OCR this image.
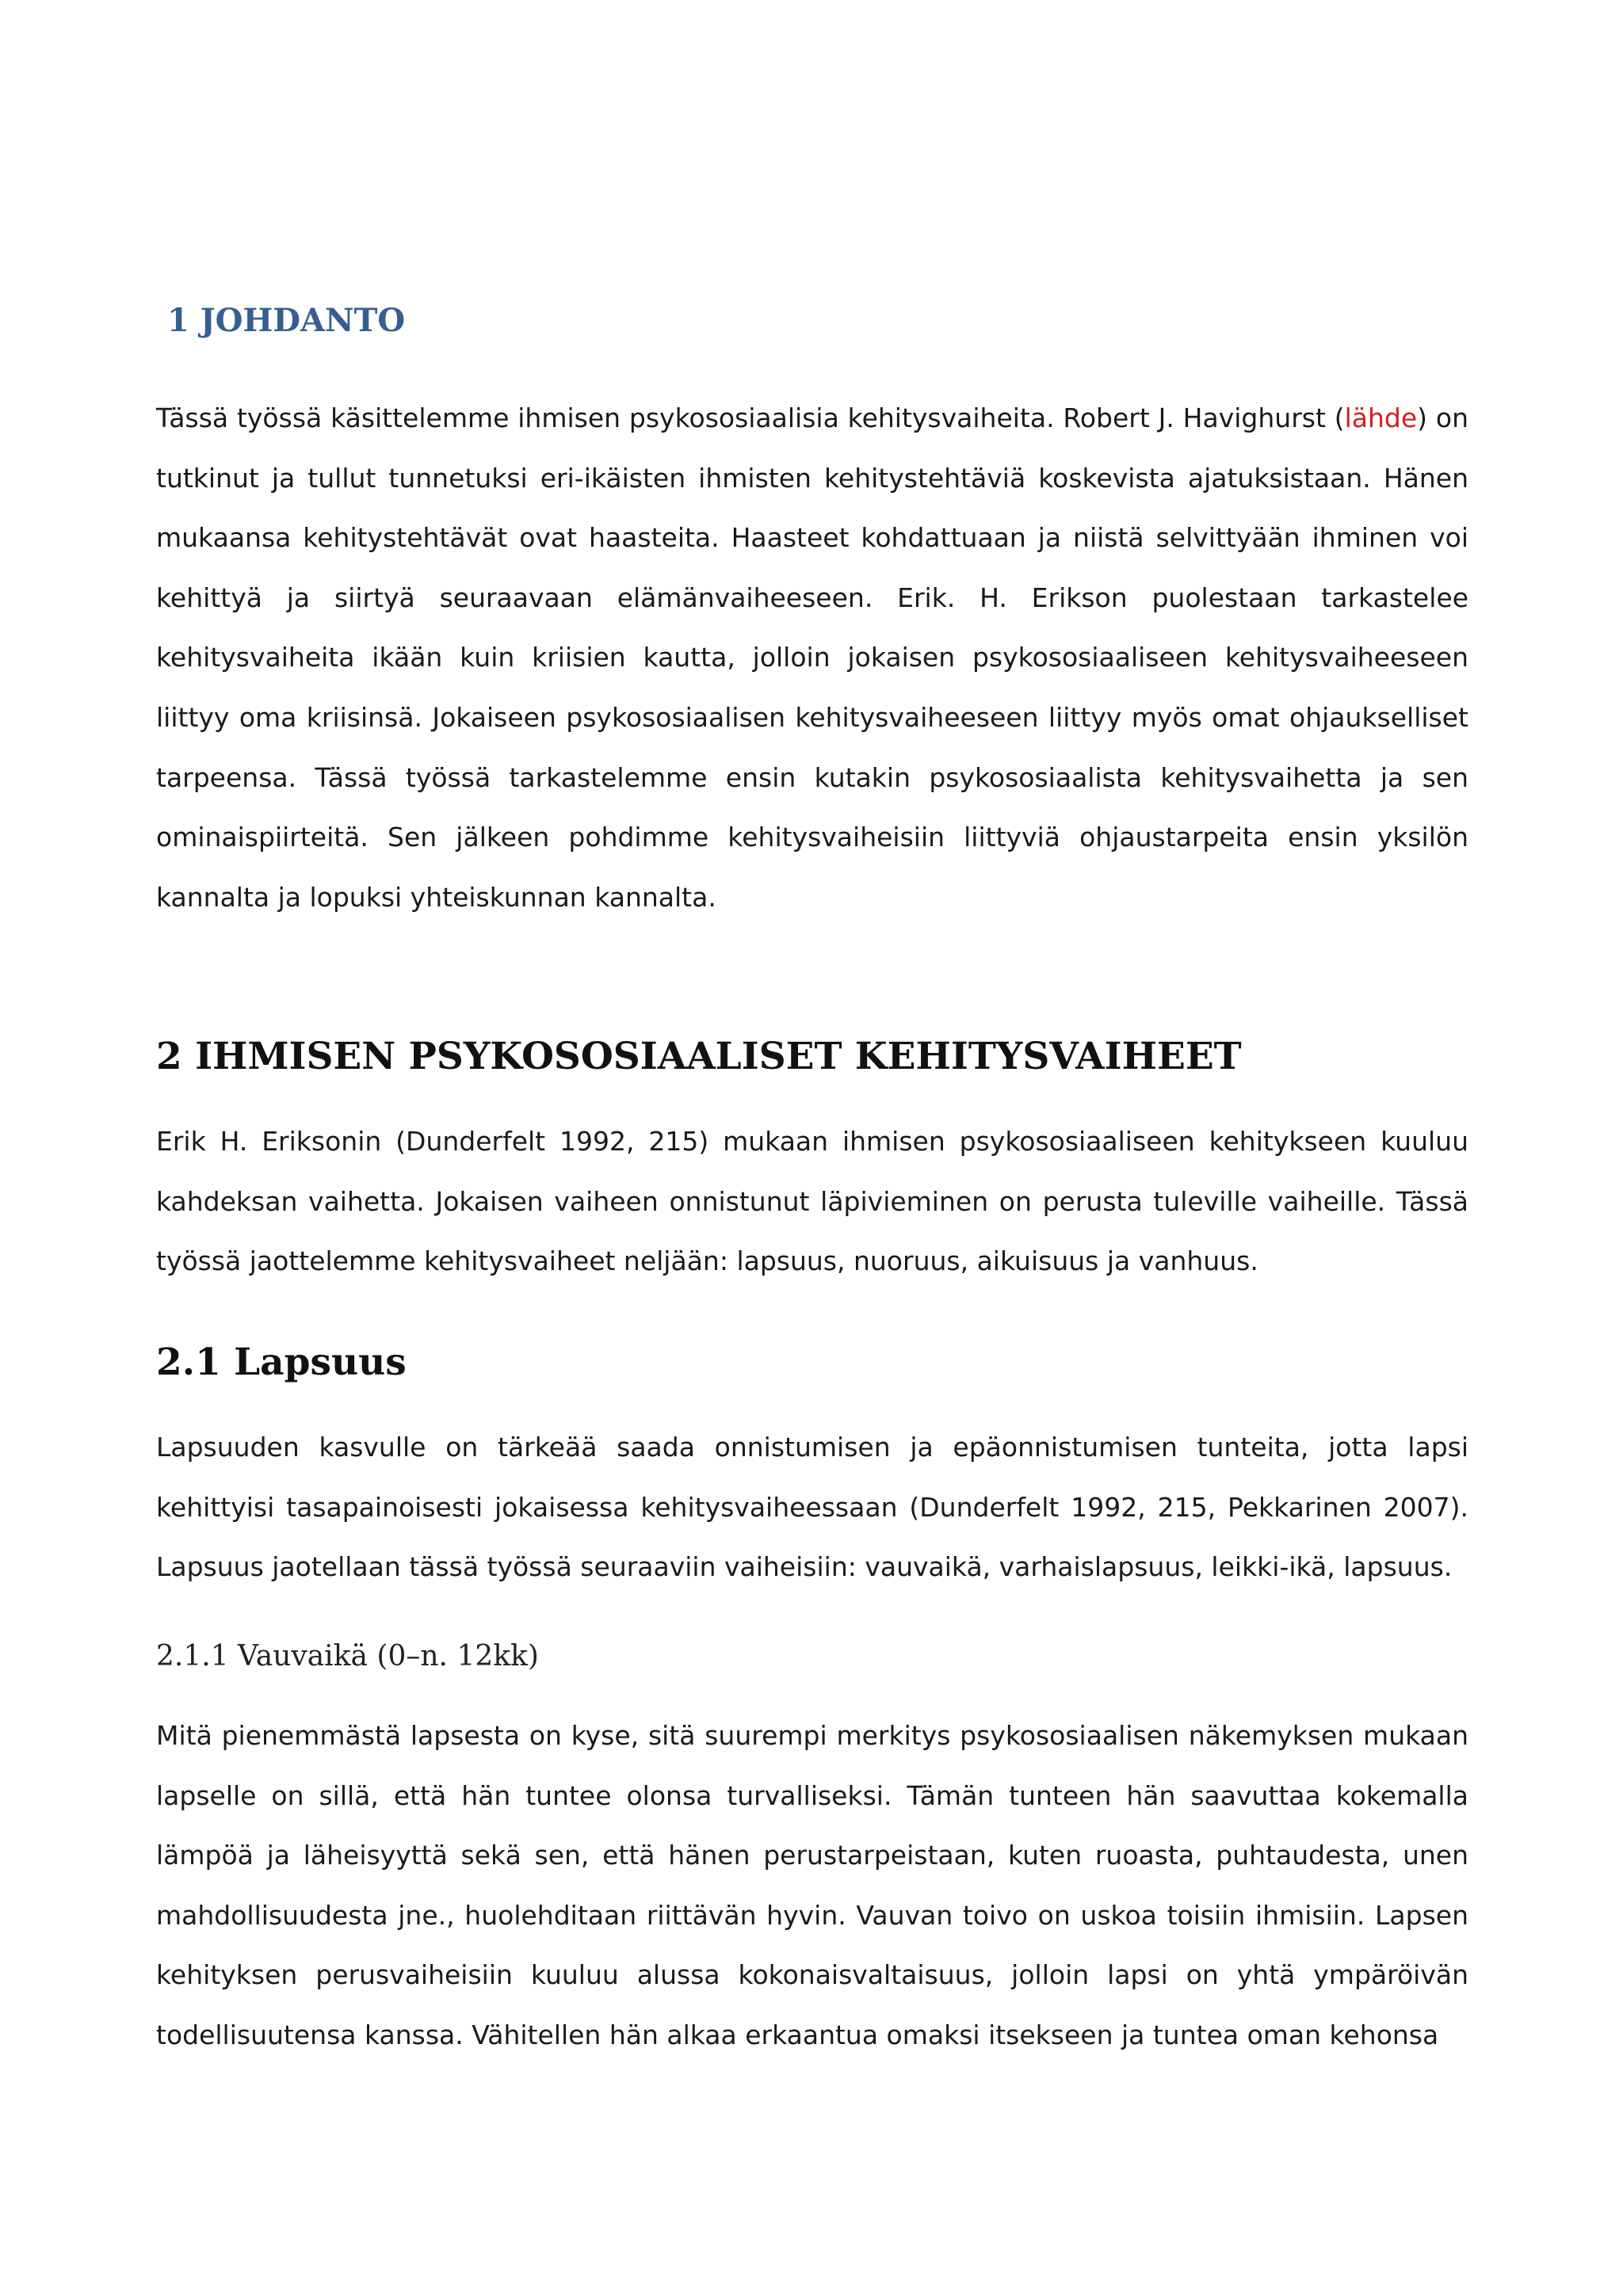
1 JOHDANTO

Tässä työssä käsittelemme ihmisen psykososiaalisia kehitysvaiheita. Robert J. Havighurst (lähde) on tutkinut ja tullut tunnetuksi eri-ikäisten ihmisten kehitystehtäviä koskevista ajatuksistaan. Hänen mukaansa kehitystehtävät ovat haasteita. Haasteet kohdattuaan ja niistä selvittyään ihminen voi kehittyä ja siirtyä seuraavaan elämänvaiheeseen. Erik. H. Erikson puolestaan tarkastelee kehitysvaiheita ikään kuin kriisien kautta, jolloin jokaisen psykososiaaliseen kehitysvaiheeseen liittyy oma kriisinsä. Jokaiseen psykososiaalisen kehitysvaiheeseen liittyy myös omat ohjaukselliset tarpeensa. Tässä työssä tarkastelemme ensin kutakin psykososiaalista kehitysvaihetta ja sen ominaispiirteitä. Sen jälkeen pohdimme kehitysvaiheisiin liittyviä ohjaustarpeita ensin yksilön kannalta ja lopuksi yhteiskunnan kannalta.

2 IHMISEN PSYKOSOSIAALISET KEHITYSVAIHEET

Erik H. Eriksonin (Dunderfelt 1992, 215) mukaan ihmisen psykososiaaliseen kehitykseen kuuluu kahdeksan vaihetta. Jokaisen vaiheen onnistunut läpivieminen on perusta tuleville vaiheille. Tässä työssä jaottelemme kehitysvaiheet neljään: lapsuus, nuoruus, aikuisuus ja vanhuus.

2.1 Lapsuus

Lapsuuden kasvulle on tärkeää saada onnistumisen ja epäonnistumisen tunteita, jotta lapsi kehittyisi tasapainoisesti jokaisessa kehitysvaiheessaan (Dunderfelt 1992, 215, Pekkarinen 2007). Lapsuus jaotellaan tässä työssä seuraaviin vaiheisiin: vauvaikä, varhaislapsuus, leikki-ikä, lapsuus.

2.1.1 Vauvaikä (0–n. 12kk)

Mitä pienemmästä lapsesta on kyse, sitä suurempi merkitys psykososiaalisen näkemyksen mukaan lapselle on sillä, että hän tuntee olonsa turvalliseksi. Tämän tunteen hän saavuttaa kokemalla lämpöä ja läheisyyttä sekä sen, että hänen perustarpeistaan, kuten ruoasta, puhtaudesta, unen mahdollisuudesta jne., huolehditaan riittävän hyvin. Vauvan toivo on uskoa toisiin ihmisiin. Lapsen kehityksen perusvaiheisiin kuuluu alussa kokonaisvaltaisuus, jolloin lapsi on yhtä ympäröivän todellisuutensa kanssa. Vähitellen hän alkaa erkaantua omaksi itsekseen ja tuntea oman kehonsa
